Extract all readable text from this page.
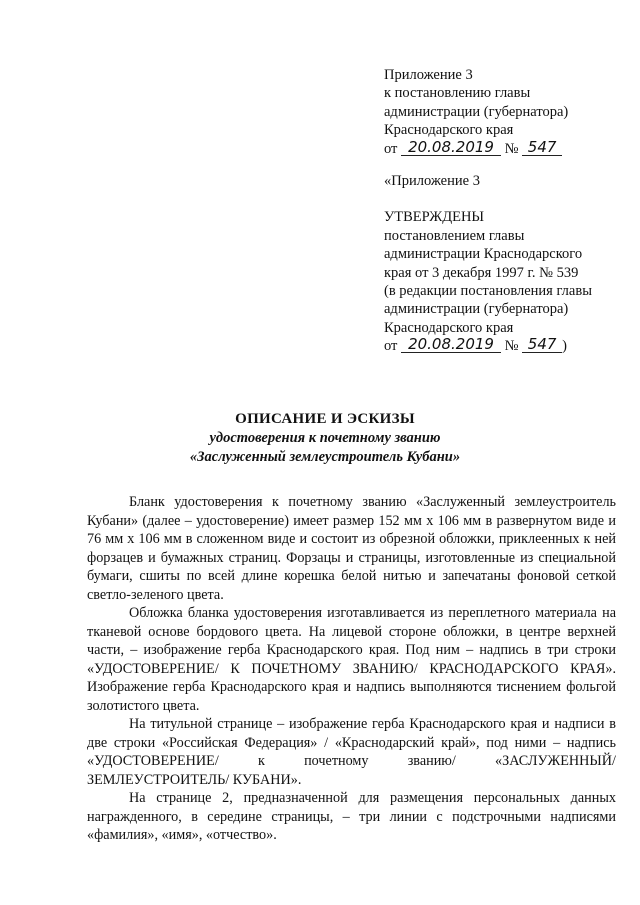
Приложение 3
к постановлению главы
администрации (губернатора)
Краснодарского края
от 20.08.2019 № 547
«Приложение 3
УТВЕРЖДЕНЫ
постановлением главы
администрации Краснодарского
края от 3 декабря 1997 г. № 539
(в редакции постановления главы
администрации (губернатора)
Краснодарского края
от 20.08.2019 № 547 )
ОПИСАНИЕ И ЭСКИЗЫ
удостоверения к почетному званию
«Заслуженный землеустроитель Кубани»

Бланк удостоверения к почетному званию «Заслуженный землеустроитель Кубани» (далее – удостоверение) имеет размер 152 мм х 106 мм в развернутом виде и 76 мм х 106 мм в сложенном виде и состоит из обрезной обложки, приклеенных к ней форзацев и бумажных страниц. Форзацы и страницы, изготовленные из специальной бумаги, сшиты по всей длине корешка белой нитью и запечатаны фоновой сеткой светло-зеленого цвета.

Обложка бланка удостоверения изготавливается из переплетного материала на тканевой основе бордового цвета. На лицевой стороне обложки, в центре верхней части, – изображение герба Краснодарского края. Под ним – надпись в три строки «УДОСТОВЕРЕНИЕ/ К ПОЧЕТНОМУ ЗВАНИЮ/ КРАСНОДАРСКОГО КРАЯ». Изображение герба Краснодарского края и надпись выполняются тиснением фольгой золотистого цвета.

На титульной странице – изображение герба Краснодарского края и надписи в две строки «Российская Федерация» / «Краснодарский край», под ними – надпись «УДОСТОВЕРЕНИЕ/ к почетному званию/ «ЗАСЛУЖЕННЫЙ/ ЗЕМЛЕУСТРОИТЕЛЬ/ КУБАНИ».

На странице 2, предназначенной для размещения персональных данных награжденного, в середине страницы, – три линии с подстрочными надписями «фамилия», «имя», «отчество».
